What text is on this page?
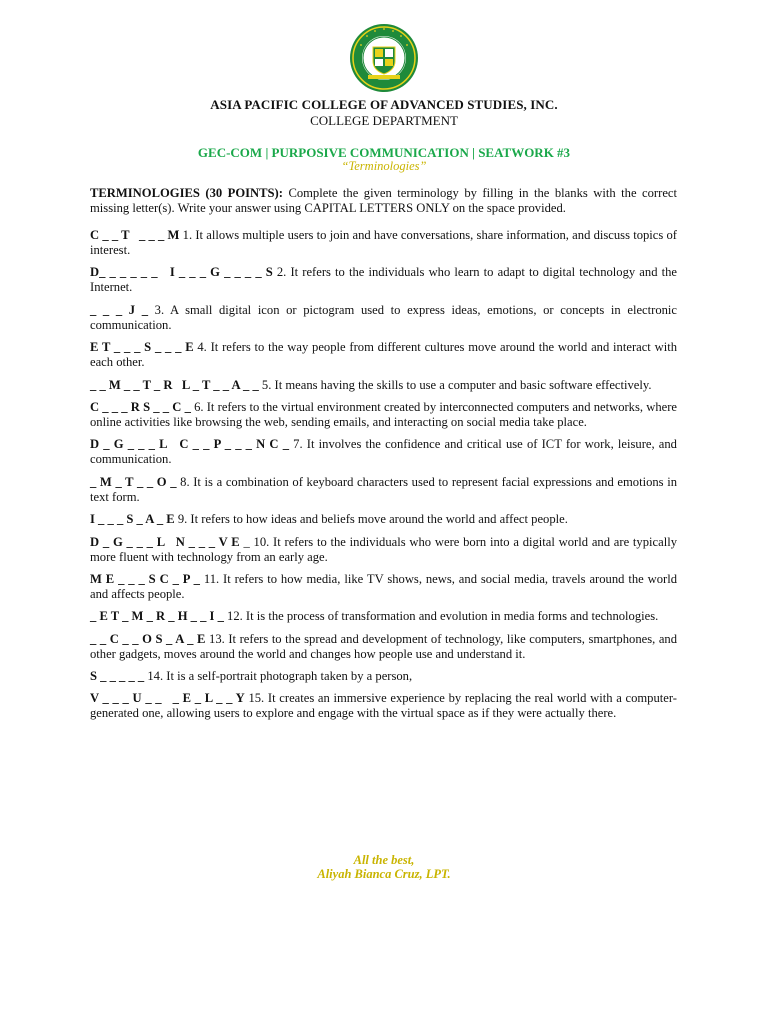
ASIA PACIFIC COLLEGE OF ADVANCED STUDIES, INC.
COLLEGE DEPARTMENT
GEC-COM | PURPOSIVE COMMUNICATION | SEATWORK #3
“Terminologies”

TERMINOLOGIES (30 POINTS): Complete the given terminology by filling in the blanks with the correct missing letter(s). Write your answer using CAPITAL LETTERS ONLY on the space provided.

C _ _ T   _ _ _ M 1. It allows multiple users to join and have conversations, share information, and discuss topics of interest.

D_ _ _ _ _ _   I _ _ _ G _ _ _ _ S 2. It refers to the individuals who learn to adapt to digital technology and the Internet.

_ _ _ J _ 3. A small digital icon or pictogram used to express ideas, emotions, or concepts in electronic communication.

E T _ _ _ S _ _ _ E 4. It refers to the way people from different cultures move around the world and interact with each other.

_ _ M _ _ T _ R   L _ T _ _ A _ _ 5. It means having the skills to use a computer and basic software effectively.

C _ _ _ R S _ _ C _ 6. It refers to the virtual environment created by interconnected computers and networks, where online activities like browsing the web, sending emails, and interacting on social media take place.

D _ G _ _ _ L   C _ _ P _ _ _ N C _ 7. It involves the confidence and critical use of ICT for work, leisure, and communication.

_ M _ T _ _ O _ 8. It is a combination of keyboard characters used to represent facial expressions and emotions in text form.

I _ _ _ S _ A _ E 9. It refers to how ideas and beliefs move around the world and affect people.

D _ G _ _ _ L   N _ _ _ V E _ 10. It refers to the individuals who were born into a digital world and are typically more fluent with technology from an early age.

M E _ _ _ S C _ P _ 11. It refers to how media, like TV shows, news, and social media, travels around the world and affects people.

_ E T _ M _ R _ H _ _ I _ 12. It is the process of transformation and evolution in media forms and technologies.

_ _ C _ _ O S _ A _ E 13. It refers to the spread and development of technology, like computers, smartphones, and other gadgets, moves around the world and changes how people use and understand it.

S _ _ _ _ _ 14. It is a self-portrait photograph taken by a person,

V _ _ _ U _ _   _ E _ L _ _ Y 15. It creates an immersive experience by replacing the real world with a computer-generated one, allowing users to explore and engage with the virtual space as if they were actually there.

All the best,
Aliyah Bianca Cruz, LPT.
